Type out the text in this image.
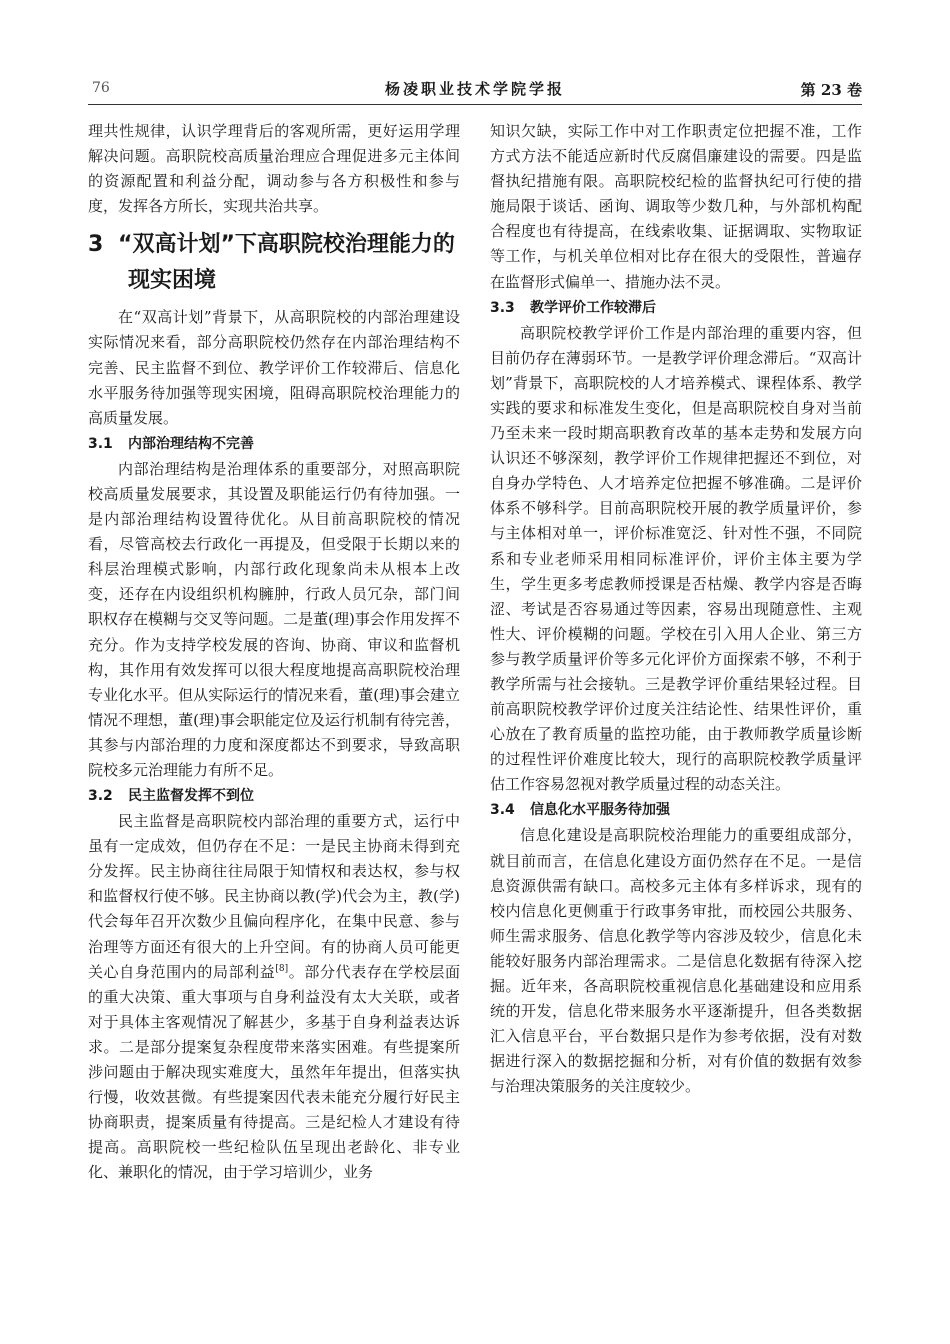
76	杨凌职业技术学院学报	第 23 卷

理共性规律，认识学理背后的客观所需，更好运用学理解决问题。高职院校高质量治理应合理促进多元主体间的资源配置和利益分配，调动参与各方积极性和参与度，发挥各方所长，实现共治共享。

3 “双高计划”下高职院校治理能力的现实困境

在“双高计划”背景下，从高职院校的内部治理建设实际情况来看，部分高职院校仍然存在内部治理结构不完善、民主监督不到位、教学评价工作较滞后、信息化水平服务待加强等现实困境，阻碍高职院校治理能力的高质量发展。

3.1 内部治理结构不完善

内部治理结构是治理体系的重要部分，对照高职院校高质量发展要求，其设置及职能运行仍有待加强。一是内部治理结构设置待优化。从目前高职院校的情况看，尽管高校去行政化一再提及，但受限于长期以来的科层治理模式影响，内部行政化现象尚未从根本上改变，还存在内设组织机构臃肿，行政人员冗杂，部门间职权存在模糊与交叉等问题。二是董(理)事会作用发挥不充分。作为支持学校发展的咨询、协商、审议和监督机构，其作用有效发挥可以很大程度地提高高职院校治理专业化水平。但从实际运行的情况来看，董(理)事会建立情况不理想，董(理)事会职能定位及运行机制有待完善，其参与内部治理的力度和深度都达不到要求，导致高职院校多元治理能力有所不足。

3.2 民主监督发挥不到位

民主监督是高职院校内部治理的重要方式，运行中虽有一定成效，但仍存在不足：一是民主协商未得到充分发挥。民主协商往往局限于知情权和表达权，参与权和监督权行使不够。民主协商以教(学)代会为主，教(学)代会每年召开次数少且偏向程序化，在集中民意、参与治理等方面还有很大的上升空间。有的协商人员可能更关心自身范围内的局部利益[8]。部分代表存在学校层面的重大决策、重大事项与自身利益没有太大关联，或者对于具体主客观情况了解甚少，多基于自身利益表达诉求。二是部分提案复杂程度带来落实困难。有些提案所涉问题由于解决现实难度大，虽然年年提出，但落实执行慢，收效甚微。有些提案因代表未能充分履行好民主协商职责，提案质量有待提高。三是纪检人才建设有待提高。高职院校一些纪检队伍呈现出老龄化、非专业化、兼职化的情况，由于学习培训少，业务

知识欠缺，实际工作中对工作职责定位把握不准，工作方式方法不能适应新时代反腐倡廉建设的需要。四是监督执纪措施有限。高职院校纪检的监督执纪可行使的措施局限于谈话、函询、调取等少数几种，与外部机构配合程度也有待提高，在线索收集、证据调取、实物取证等工作，与机关单位相对比存在很大的受限性，普遍存在监督形式偏单一、措施办法不灵。

3.3 教学评价工作较滞后

高职院校教学评价工作是内部治理的重要内容，但目前仍存在薄弱环节。一是教学评价理念滞后。“双高计划”背景下，高职院校的人才培养模式、课程体系、教学实践的要求和标准发生变化，但是高职院校自身对当前乃至未来一段时期高职教育改革的基本走势和发展方向认识还不够深刻，教学评价工作规律把握还不到位，对自身办学特色、人才培养定位把握不够准确。二是评价体系不够科学。目前高职院校开展的教学质量评价，参与主体相对单一，评价标准宽泛、针对性不强，不同院系和专业老师采用相同标准评价，评价主体主要为学生，学生更多考虑教师授课是否枯燥、教学内容是否晦涩、考试是否容易通过等因素，容易出现随意性、主观性大、评价模糊的问题。学校在引入用人企业、第三方参与教学质量评价等多元化评价方面探索不够，不利于教学所需与社会接轨。三是教学评价重结果轻过程。目前高职院校教学评价过度关注结论性、结果性评价，重心放在了教育质量的监控功能，由于教师教学质量诊断的过程性评价难度比较大，现行的高职院校教学质量评估工作容易忽视对教学质量过程的动态关注。

3.4 信息化水平服务待加强

信息化建设是高职院校治理能力的重要组成部分，就目前而言，在信息化建设方面仍然存在不足。一是信息资源供需有缺口。高校多元主体有多样诉求，现有的校内信息化更侧重于行政事务审批，而校园公共服务、师生需求服务、信息化教学等内容涉及较少，信息化未能较好服务内部治理需求。二是信息化数据有待深入挖掘。近年来，各高职院校重视信息化基础建设和应用系统的开发，信息化带来服务水平逐渐提升，但各类数据汇入信息平台，平台数据只是作为参考依据，没有对数据进行深入的数据挖掘和分析，对有价值的数据有效参与治理决策服务的关注度较少。
